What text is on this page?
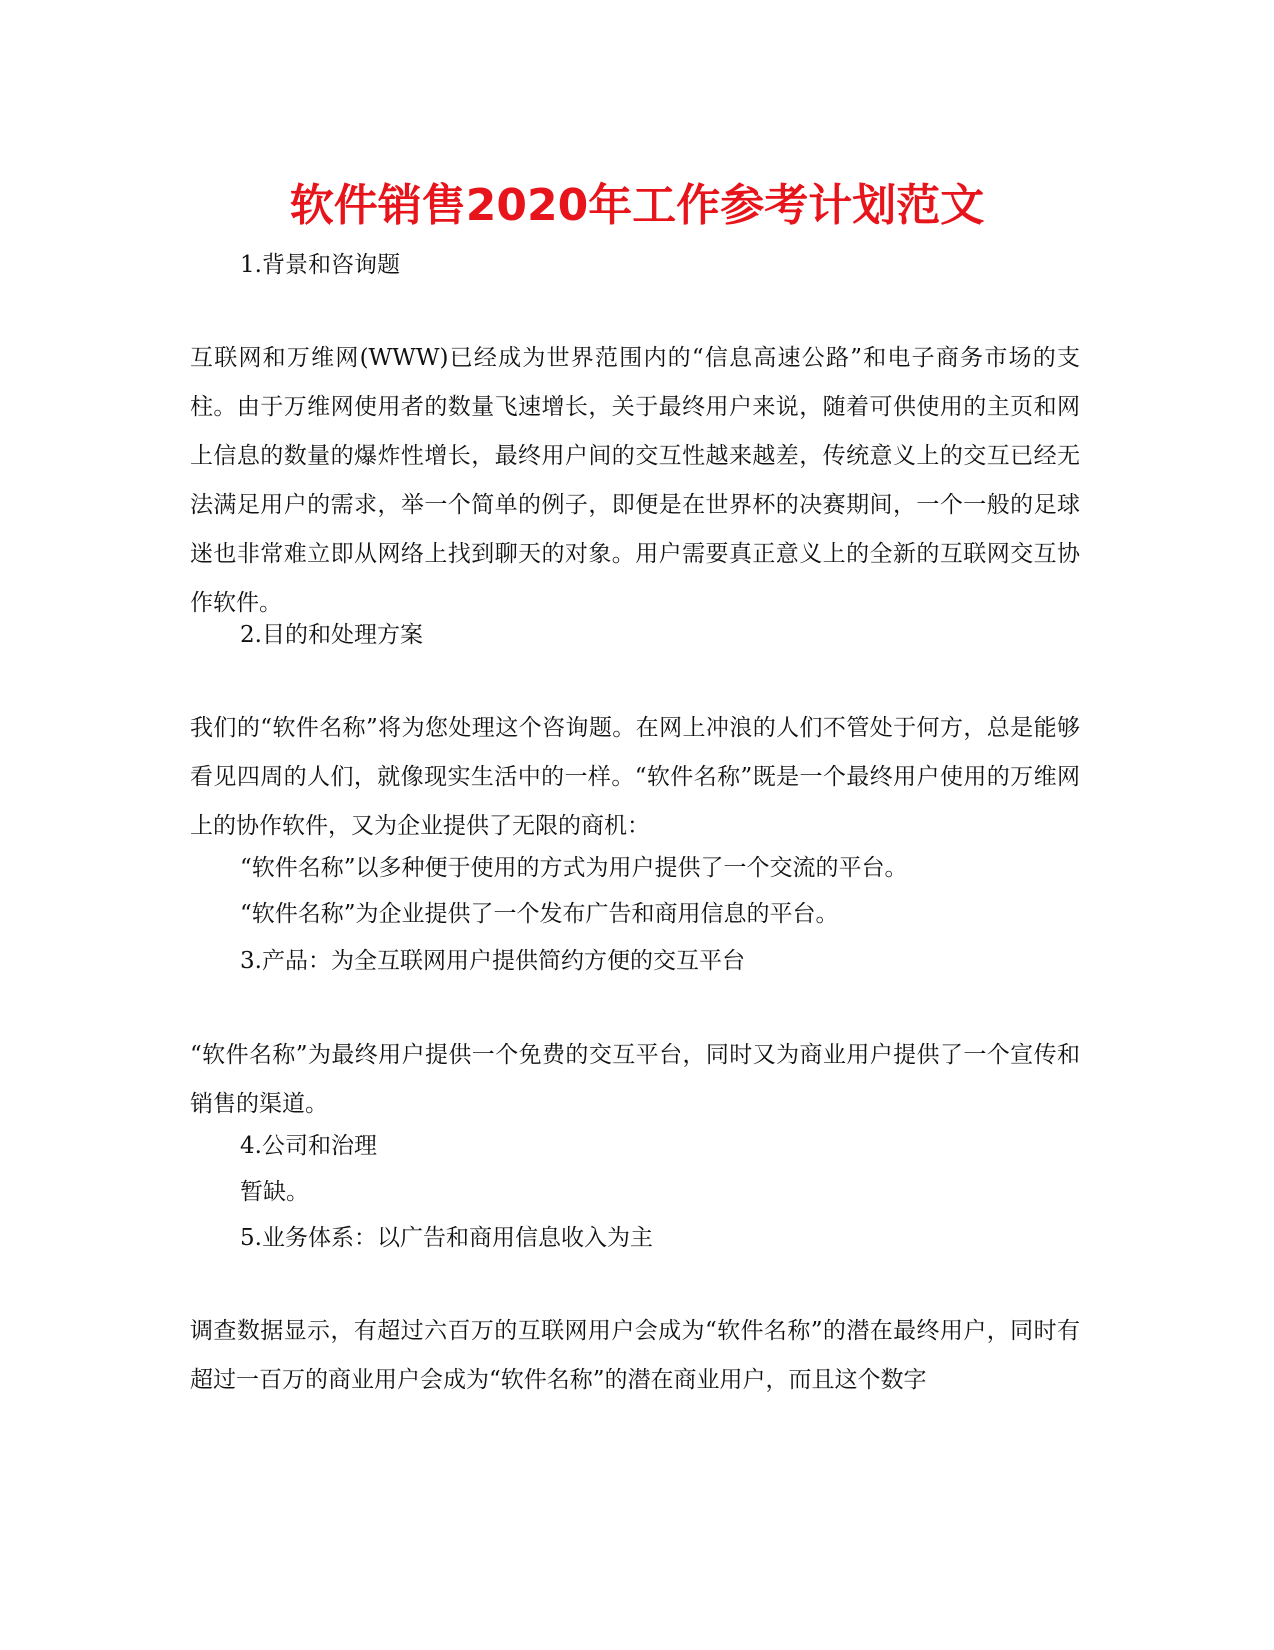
软件销售2020年工作参考计划范文
1.背景和咨询题
互联网和万维网(WWW)已经成为世界范围内的“信息高速公路”和电子商务市场的支柱。由于万维网使用者的数量飞速增长，关于最终用户来说，随着可供使用的主页和网上信息的数量的爆炸性增长，最终用户间的交互性越来越差，传统意义上的交互已经无法满足用户的需求，举一个简单的例子，即便是在世界杯的决赛期间，一个一般的足球迷也非常难立即从网络上找到聊天的对象。用户需要真正意义上的全新的互联网交互协作软件。
2.目的和处理方案
我们的“软件名称”将为您处理这个咨询题。在网上冲浪的人们不管处于何方，总是能够看见四周的人们，就像现实生活中的一样。“软件名称”既是一个最终用户使用的万维网上的协作软件，又为企业提供了无限的商机：
“软件名称”以多种便于使用的方式为用户提供了一个交流的平台。
“软件名称”为企业提供了一个发布广告和商用信息的平台。
3.产品：为全互联网用户提供简约方便的交互平台
“软件名称”为最终用户提供一个免费的交互平台，同时又为商业用户提供了一个宣传和销售的渠道。
4.公司和治理
暂缺。
5.业务体系：以广告和商用信息收入为主
调查数据显示，有超过六百万的互联网用户会成为“软件名称”的潜在最终用户，同时有超过一百万的商业用户会成为“软件名称”的潜在商业用户，而且这个数字
